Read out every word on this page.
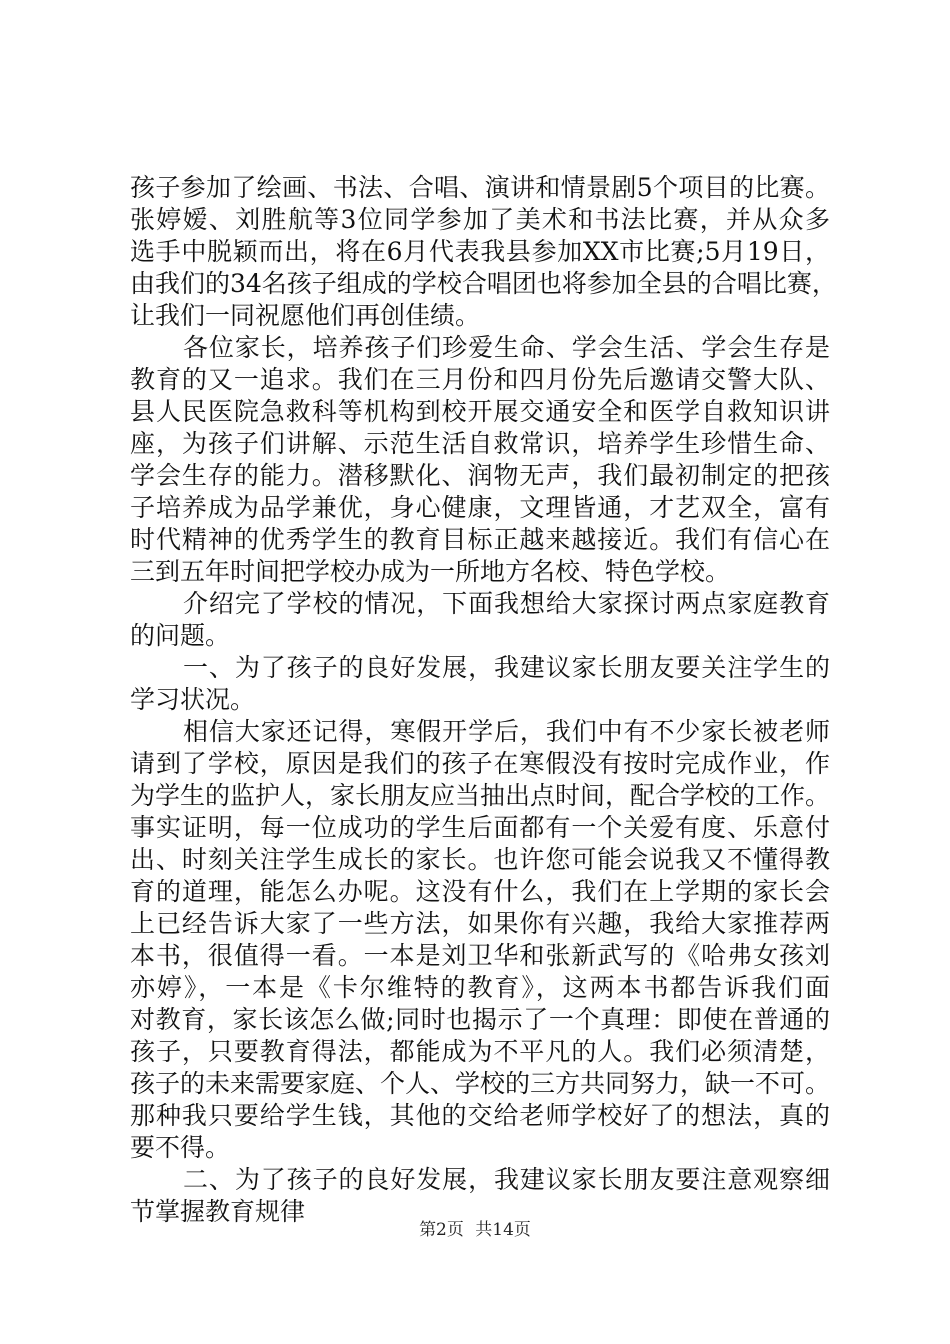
孩子参加了绘画、书法、合唱、演讲和情景剧5个项目的比赛。
张婷嫒、刘胜航等3位同学参加了美术和书法比赛，并从众多
选手中脱颖而出，将在6月代表我县参加XX市比赛;5月19日，
由我们的34名孩子组成的学校合唱团也将参加全县的合唱比赛，
让我们一同祝愿他们再创佳绩。
各位家长，培养孩子们珍爱生命、学会生活、学会生存是
教育的又一追求。我们在三月份和四月份先后邀请交警大队、
县人民医院急救科等机构到校开展交通安全和医学自救知识讲
座，为孩子们讲解、示范生活自救常识，培养学生珍惜生命、
学会生存的能力。潜移默化、润物无声，我们最初制定的把孩
子培养成为品学兼优，身心健康，文理皆通，才艺双全，富有
时代精神的优秀学生的教育目标正越来越接近。我们有信心在
三到五年时间把学校办成为一所地方名校、特色学校。
介绍完了学校的情况，下面我想给大家探讨两点家庭教育
的问题。
一、为了孩子的良好发展，我建议家长朋友要关注学生的
学习状况。
相信大家还记得，寒假开学后，我们中有不少家长被老师
请到了学校，原因是我们的孩子在寒假没有按时完成作业，作
为学生的监护人，家长朋友应当抽出点时间，配合学校的工作。
事实证明，每一位成功的学生后面都有一个关爱有度、乐意付
出、时刻关注学生成长的家长。也许您可能会说我又不懂得教
育的道理，能怎么办呢。这没有什么，我们在上学期的家长会
上已经告诉大家了一些方法，如果你有兴趣，我给大家推荐两
本书，很值得一看。一本是刘卫华和张新武写的《哈弗女孩刘
亦婷》，一本是《卡尔维特的教育》，这两本书都告诉我们面
对教育，家长该怎么做;同时也揭示了一个真理：即使在普通的
孩子，只要教育得法，都能成为不平凡的人。我们必须清楚，
孩子的未来需要家庭、个人、学校的三方共同努力，缺一不可。
那种我只要给学生钱，其他的交给老师学校好了的想法，真的
要不得。
二、为了孩子的良好发展，我建议家长朋友要注意观察细
节掌握教育规律
第2页 共14页
